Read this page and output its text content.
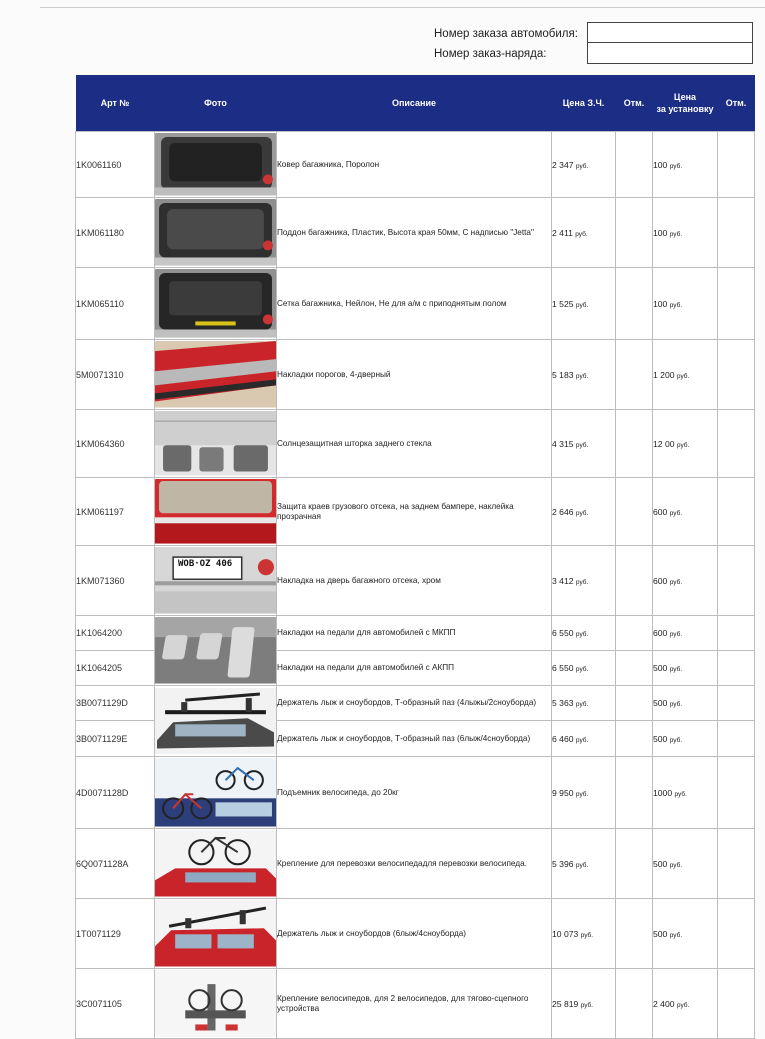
Номер заказа автомобиля:
Номер заказ-наряда:
Арт №	Фото	Описание	Цена З.Ч.	Отм.	Цена
за установку	Отм.
1K0061160		Ковер багажника, Поролон	2 347 руб.		100 руб.	
1KM061180		Поддон багажника, Пластик, Высота края 50мм, С надписью "Jetta"	2 411 руб.		100 руб.	
1KM065110		Сетка багажника, Нейлон, Не для а/м с приподнятым полом	1 525 руб.		100 руб.	
5M0071310		Накладки порогов, 4-дверный	5 183 руб.		1 200 руб.	
1KM064360		Солнцезащитная шторка заднего стекла	4 315 руб.		12 00 руб.	
1KM061197		Защита краев грузового отсека, на заднем бампере, наклейка прозрачная	2 646 руб.		600 руб.	
1KM071360	WOB·OZ 406	Накладка на дверь багажного отсека, хром	3 412 руб.		600 руб.	
1K1064200		Накладки на педали для автомобилей с МКПП	6 550 руб.		600 руб.	
1K1064205		Накладки на педали для автомобилей с АКПП	6 550 руб.		500 руб.	
3B0071129D		Держатель лыж и сноубордов, Т-образный паз (4лыжы/2сноуборда)	5 363 руб.		500 руб.	
3B0071129E		Держатель лыж и сноубордов, Т-образный паз (6лыж/4сноуборда)	6 460 руб.		500 руб.	
4D0071128D		Подъемник велосипеда, до 20кг	9 950 руб.		1000 руб.	
6Q0071128A		Крепление для перевозки велосипедадля перевозки велосипеда.	5 396 руб.		500 руб.	
1T0071129		Держатель лыж и сноубордов (6лыж/4сноуборда)	10 073 руб.		500 руб.	
3C0071105		Крепление велосипедов, для 2 велосипедов, для тягово-сцепного устройства	25 819 руб.		2 400 руб.	
